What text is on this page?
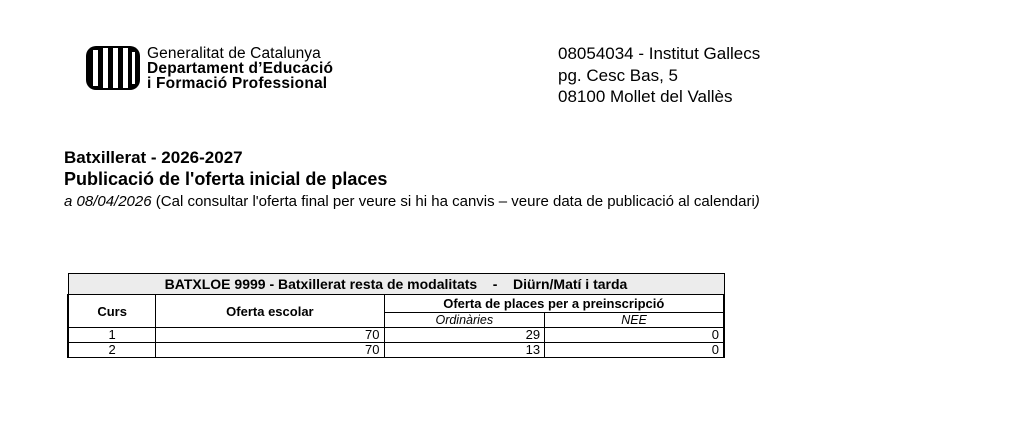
Generalitat de Catalunya
Departament d’Educació
i Formació Professional
08054034 - Institut Gallecs
pg. Cesc Bas, 5
08100 Mollet del Vallès
Batxillerat - 2026-2027
Publicació de l'oferta inicial de places
a 08/04/2026 (Cal consultar l'oferta final per veure si hi ha canvis – veure data de publicació al calendari)
BATXLOE 9999 - Batxillerat resta de modalitats    -    Diürn/Matí i tarda			
Curs	Oferta escolar	Oferta de places per a preinscripció	
		Ordinàries	NEE
1	70	29	0
2	70	13	0
